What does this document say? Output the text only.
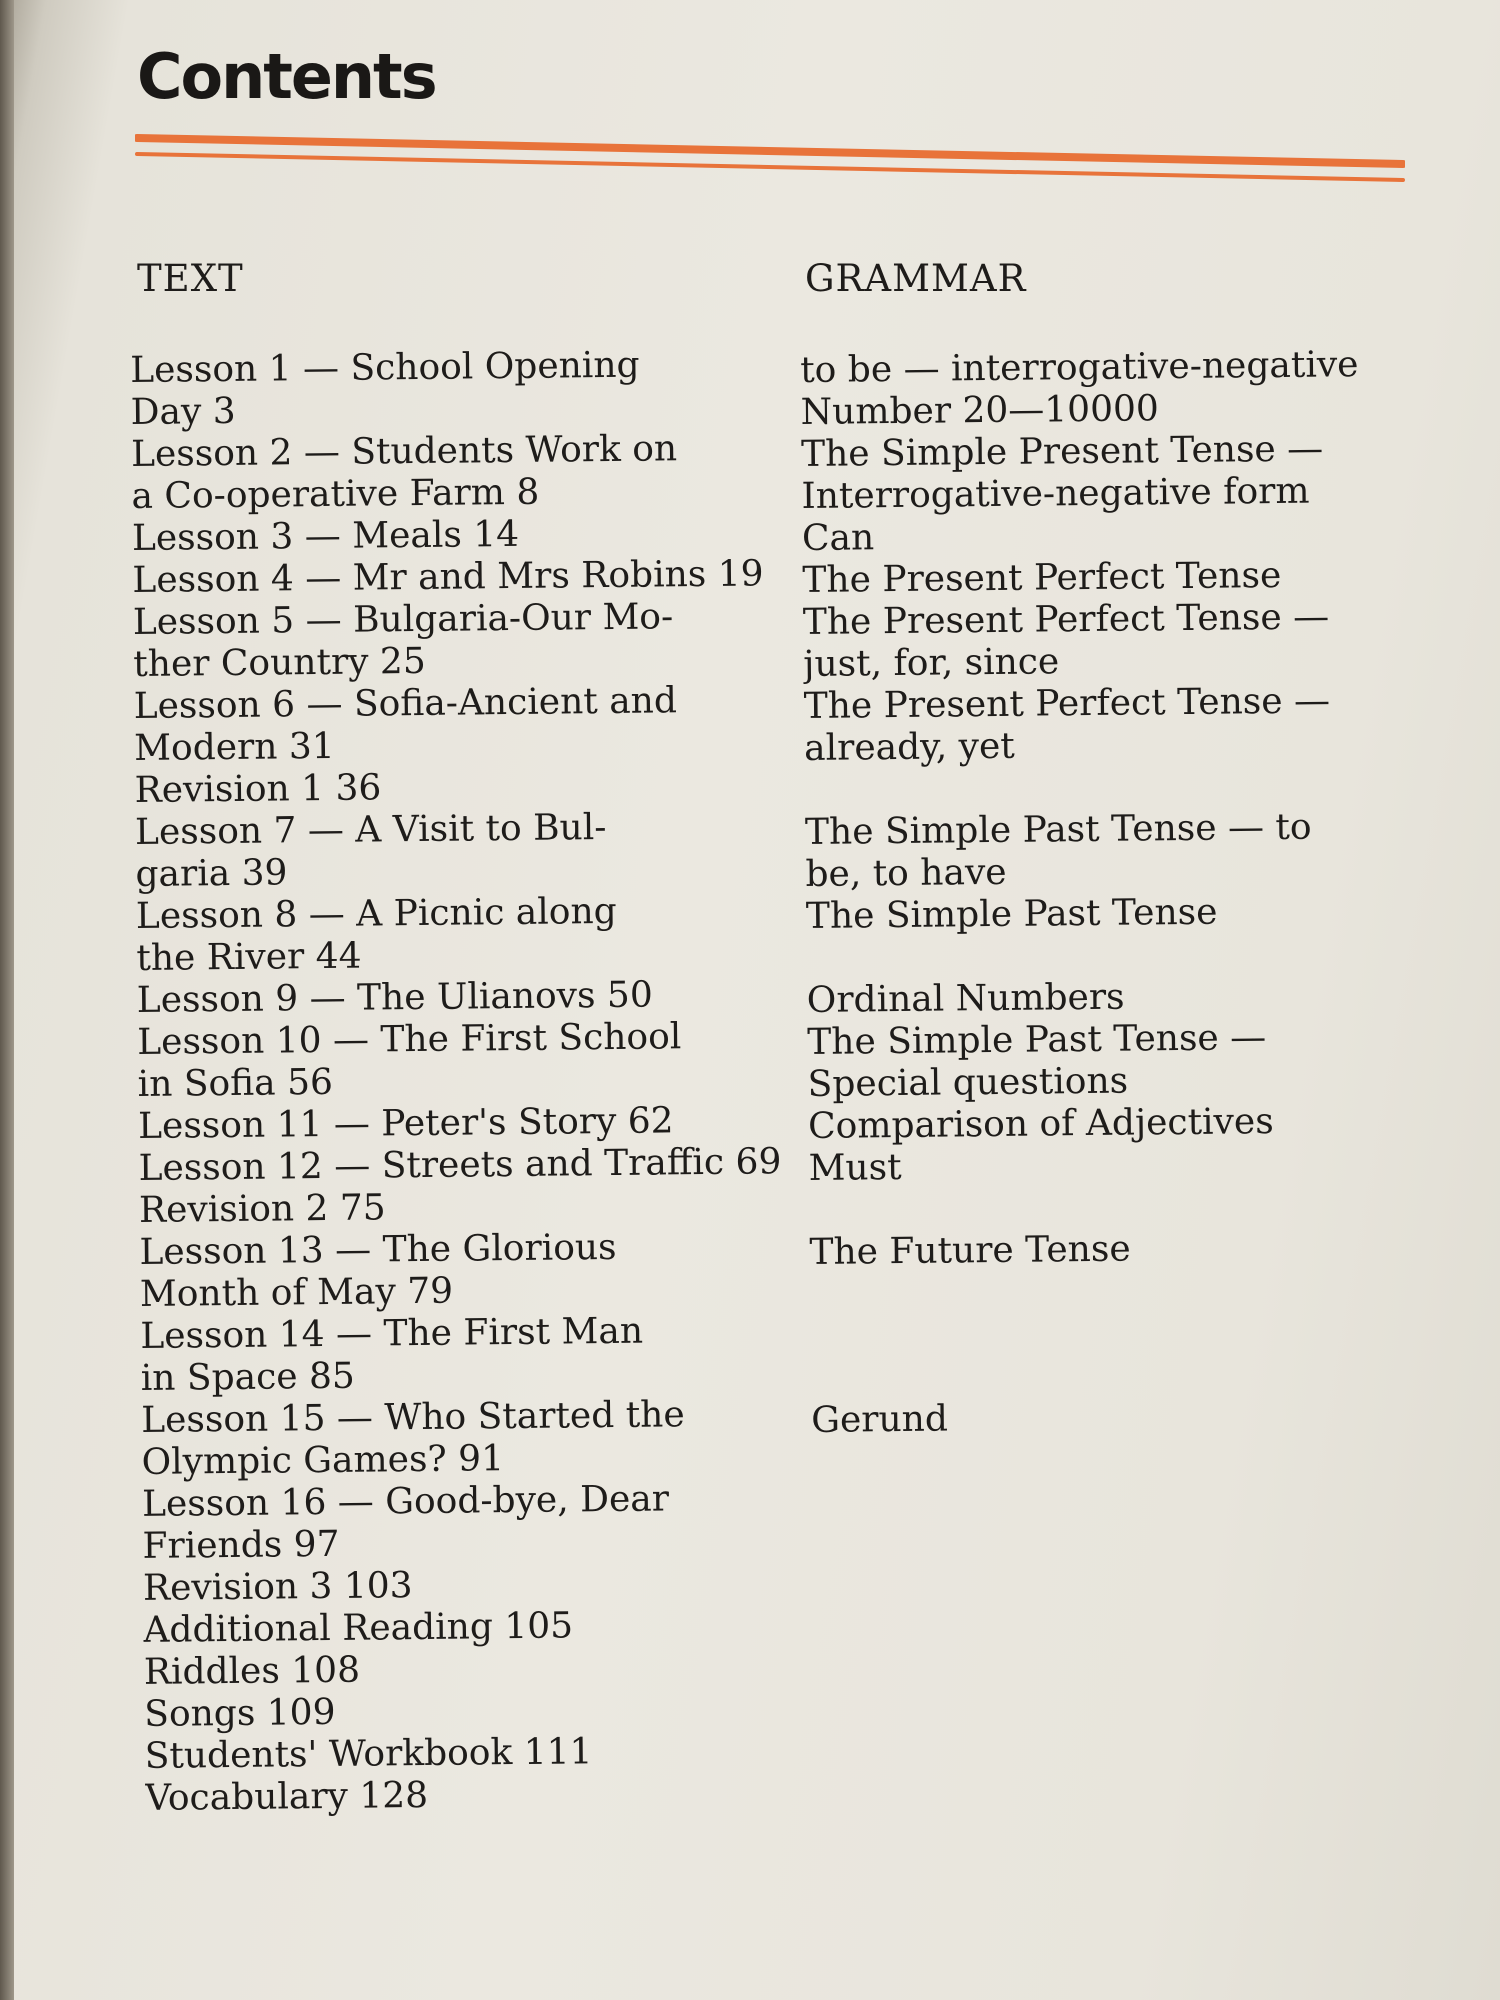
Contents
TEXT	GRAMMAR
Lesson 1 — School Opening
Day 3
Lesson 2 — Students Work on
a Co-operative Farm 8
Lesson 3 — Meals 14
Lesson 4 — Mr and Mrs Robins 19
Lesson 5 — Bulgaria-Our Mo-
ther Country 25
Lesson 6 — Sofia-Ancient and
Modern 31
Revision 1 36
Lesson 7 — A Visit to Bul-
garia 39
Lesson 8 — A Picnic along
the River 44
Lesson 9 — The Ulianovs 50
Lesson 10 — The First School
in Sofia 56
Lesson 11 — Peter's Story 62
Lesson 12 — Streets and Traffic 69
Revision 2 75
Lesson 13 — The Glorious
Month of May 79
Lesson 14 — The First Man
in Space 85
Lesson 15 — Who Started the
Olympic Games? 91
Lesson 16 — Good-bye, Dear
Friends 97
Revision 3 103
Additional Reading 105
Riddles 108
Songs 109
Students' Workbook 111
Vocabulary 128
to be — interrogative-negative
Number 20—10000
The Simple Present Tense —
Interrogative-negative form
Can
The Present Perfect Tense
The Present Perfect Tense —
just, for, since
The Present Perfect Tense —
already, yet
The Simple Past Tense — to
be, to have
The Simple Past Tense
Ordinal Numbers
The Simple Past Tense —
Special questions
Comparison of Adjectives
Must
The Future Tense
Gerund
